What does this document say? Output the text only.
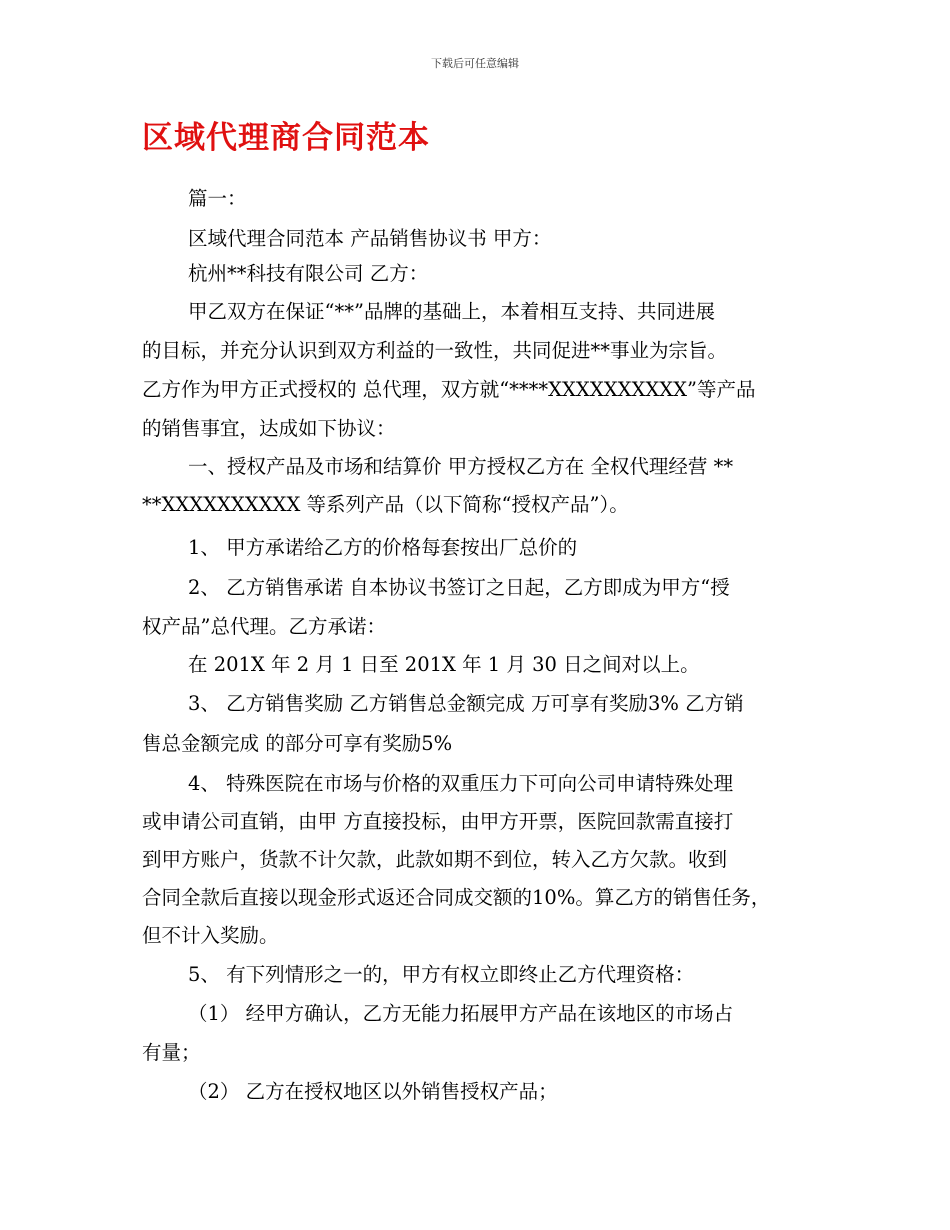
下载后可任意编辑
区域代理商合同范本
篇一：
区域代理合同范本 产品销售协议书 甲方：
杭州**科技有限公司 乙方：
甲乙双方在保证“**”品牌的基础上，本着相互支持、共同进展
的目标，并充分认识到双方利益的一致性，共同促进**事业为宗旨。
乙方作为甲方正式授权的 总代理，双方就“****XXXXXXXXXX”等产品
的销售事宜，达成如下协议：
一、授权产品及市场和结算价 甲方授权乙方在 全权代理经营 **
**XXXXXXXXXX 等系列产品（以下简称“授权产品”）。
1、 甲方承诺给乙方的价格每套按出厂总价的
2、 乙方销售承诺 自本协议书签订之日起，乙方即成为甲方“授
权产品”总代理。乙方承诺：
在 201X 年 2 月 1 日至 201X 年 1 月 30 日之间对以上。
3、 乙方销售奖励 乙方销售总金额完成 万可享有奖励3% 乙方销
售总金额完成 的部分可享有奖励5%
4、 特殊医院在市场与价格的双重压力下可向公司申请特殊处理
或申请公司直销，由甲 方直接投标，由甲方开票，医院回款需直接打
到甲方账户，货款不计欠款，此款如期不到位，转入乙方欠款。收到
合同全款后直接以现金形式返还合同成交额的10%。算乙方的销售任务，
但不计入奖励。
5、 有下列情形之一的，甲方有权立即终止乙方代理资格：
（1） 经甲方确认，乙方无能力拓展甲方产品在该地区的市场占
有量；
（2） 乙方在授权地区以外销售授权产品；
